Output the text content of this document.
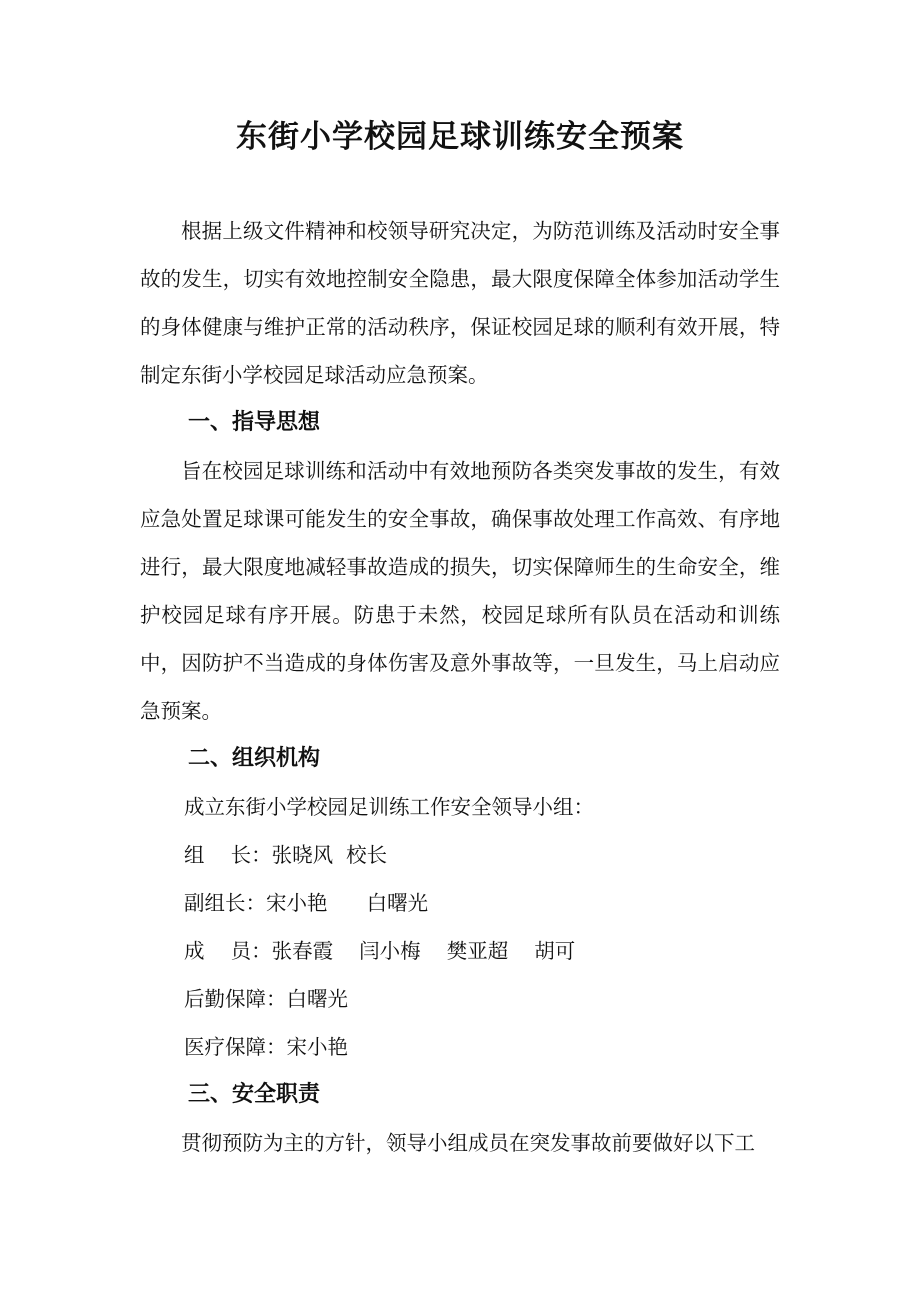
东街小学校园足球训练安全预案

根据上级文件精神和校领导研究决定，为防范训练及活动时安全事故的发生，切实有效地控制安全隐患，最大限度保障全体参加活动学生的身体健康与维护正常的活动秩序，保证校园足球的顺利有效开展，特制定东街小学校园足球活动应急预案。

一、指导思想

旨在校园足球训练和活动中有效地预防各类突发事故的发生，有效应急处置足球课可能发生的安全事故，确保事故处理工作高效、有序地进行，最大限度地减轻事故造成的损失，切实保障师生的生命安全，维护校园足球有序开展。防患于未然，校园足球所有队员在活动和训练中，因防护不当造成的身体伤害及意外事故等，一旦发生，马上启动应急预案。

二、组织机构

成立东街小学校园足训练工作安全领导小组：

组    长：张晓风  校长

副组长：宋小艳      白曙光

成    员：张春霞    闫小梅    樊亚超    胡可

后勤保障：白曙光

医疗保障：宋小艳

三、安全职责

贯彻预防为主的方针，领导小组成员在突发事故前要做好以下工
